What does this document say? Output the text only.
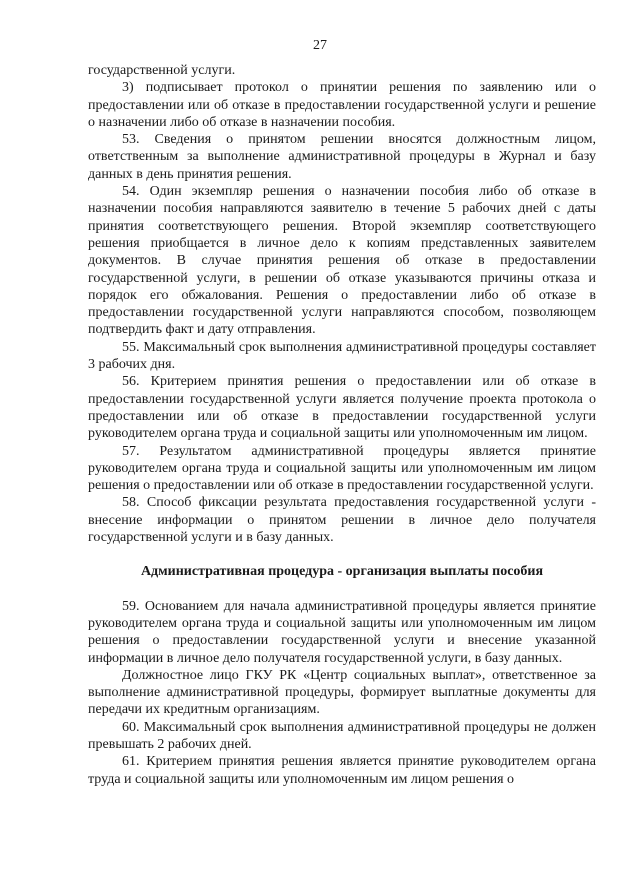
27

государственной услуги.

3) подписывает протокол о принятии решения по заявлению или о предоставлении или об отказе в предоставлении государственной услуги и решение о назначении либо об отказе в назначении пособия.

53. Сведения о принятом решении вносятся должностным лицом, ответственным за выполнение административной процедуры в Журнал и базу данных в день принятия решения.

54. Один экземпляр решения о назначении пособия либо об отказе в назначении пособия направляются заявителю в течение 5 рабочих дней с даты принятия соответствующего решения. Второй экземпляр соответствующего решения приобщается в личное дело к копиям представленных заявителем документов. В случае принятия решения об отказе в предоставлении государственной услуги, в решении об отказе указываются причины отказа и порядок его обжалования. Решения о предоставлении либо об отказе в предоставлении государственной услуги направляются способом, позволяющем подтвердить факт и дату отправления.

55. Максимальный срок выполнения административной процедуры составляет 3 рабочих дня.

56. Критерием принятия решения о предоставлении или об отказе в предоставлении государственной услуги является получение проекта протокола о предоставлении или об отказе в предоставлении государственной услуги руководителем органа труда и социальной защиты или уполномоченным им лицом.

57. Результатом административной процедуры является принятие руководителем органа труда и социальной защиты или уполномоченным им лицом решения о предоставлении или об отказе в предоставлении государственной услуги.

58. Способ фиксации результата предоставления государственной услуги - внесение информации о принятом решении в личное дело получателя государственной услуги и в базу данных.

Административная процедура - организация выплаты пособия

59. Основанием для начала административной процедуры является принятие руководителем органа труда и социальной защиты или уполномоченным им лицом решения о предоставлении государственной услуги и внесение указанной информации в личное дело получателя государственной услуги, в базу данных.

Должностное лицо ГКУ РК «Центр социальных выплат», ответственное за выполнение административной процедуры, формирует выплатные документы для передачи их кредитным организациям.

60. Максимальный срок выполнения административной процедуры не должен превышать 2 рабочих дней.

61. Критерием принятия решения является принятие руководителем органа труда и социальной защиты или уполномоченным им лицом решения о
